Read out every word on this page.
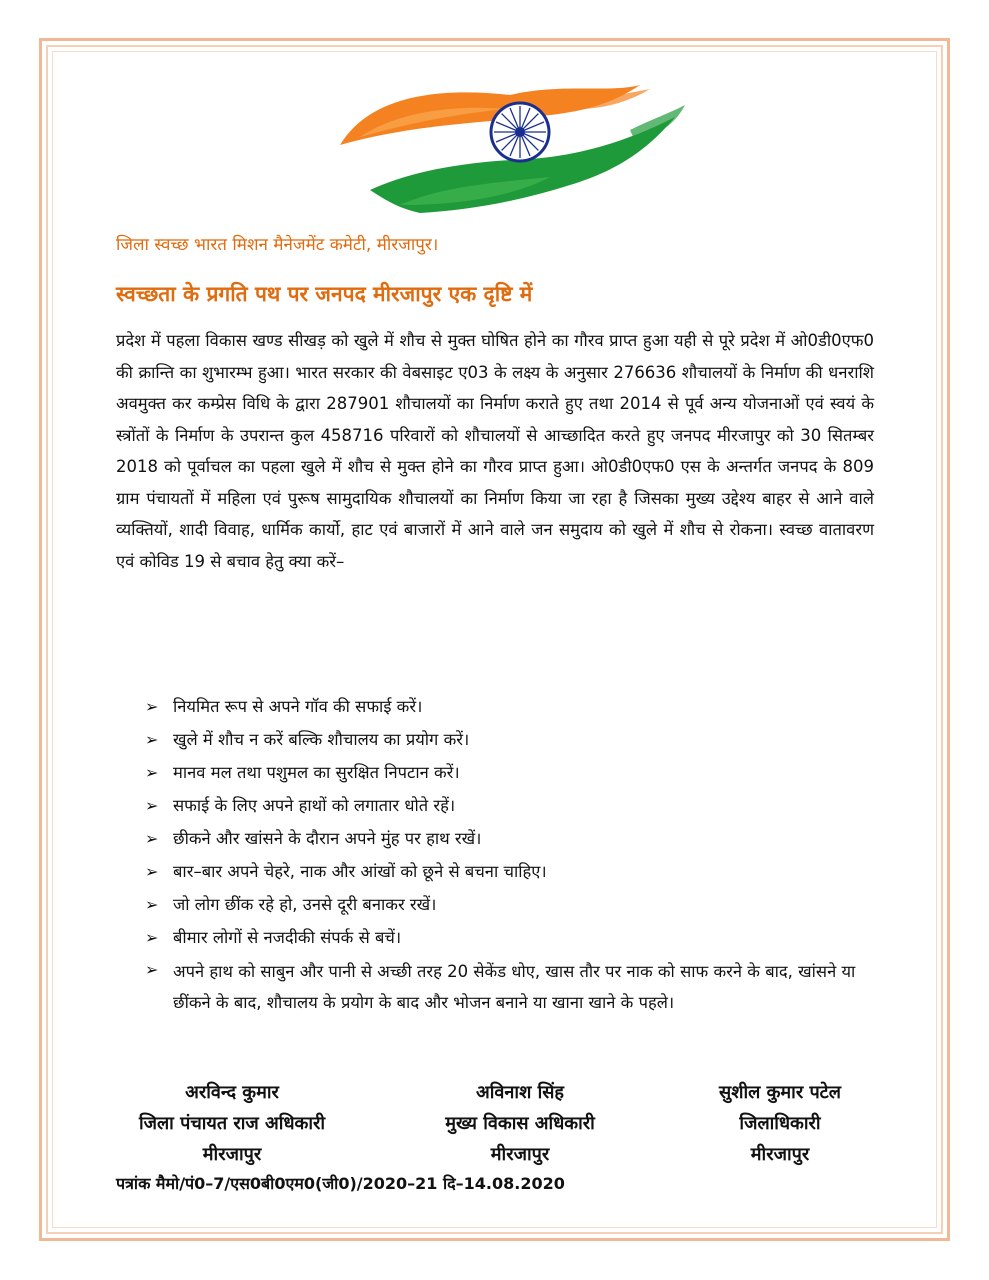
जिला स्वच्छ भारत मिशन मैनेजमेंट कमेटी, मीरजापुर।
स्वच्छता के प्रगति पथ पर जनपद मीरजापुर एक दृष्टि में
प्रदेश में पहला विकास खण्ड सीखड़ को खुले में शौच से मुक्त घोषित होने का गौरव प्राप्त हुआ यही से पूरे प्रदेश में ओ0डी0एफ0 की क्रान्ति का शुभारम्भ हुआ। भारत सरकार की वेबसाइट ए03 के लक्ष्य के अनुसार 276636 शौचालयों के निर्माण की धनराशि अवमुक्त कर कम्प्रेस विधि के द्वारा 287901 शौचालयों का निर्माण कराते हुए तथा 2014 से पूर्व अन्य योजनाओं एवं स्वयं के स्त्रोंतों के निर्माण के उपरान्त कुल 458716 परिवारों को शौचालयों से आच्छादित करते हुए जनपद मीरजापुर को 30 सितम्बर 2018 को पूर्वाचल का पहला खुले में शौच से मुक्त होने का गौरव प्राप्त हुआ। ओ0डी0एफ0 एस के अन्तर्गत जनपद के 809 ग्राम पंचायतों में महिला एवं पुरूष सामुदायिक शौचालयों का निर्माण किया जा रहा है जिसका मुख्य उद्देश्य बाहर से आने वाले व्यक्तियों, शादी विवाह, धार्मिक कार्यो, हाट एवं बाजारों में आने वाले जन समुदाय को खुले में शौच से रोकना। स्वच्छ वातावरण एवं कोविड 19 से बचाव हेतु क्या करें–
➢ नियमित रूप से अपने गॉव की सफाई करें।
➢ खुले में शौच न करें बल्कि शौचालय का प्रयोग करें।
➢ मानव मल तथा पशुमल का सुरक्षित निपटान करें।
➢ सफाई के लिए अपने हाथों को लगातार धोते रहें।
➢ छीकने और खांसने के दौरान अपने मुंह पर हाथ रखें।
➢ बार–बार अपने चेहरे, नाक और आंखों को छूने से बचना चाहिए।
➢ जो लोग छींक रहे हो, उनसे दूरी बनाकर रखें।
➢ बीमार लोगों से नजदीकी संपर्क से बचें।
➢ अपने हाथ को साबुन और पानी से अच्छी तरह 20 सेकेंड धोए, खास तौर पर नाक को साफ करने के बाद, खांसने या छींकने के बाद, शौचालय के प्रयोग के बाद और भोजन बनाने या खाना खाने के पहले।
अरविन्द कुमार
जिला पंचायत राज अधिकारी
मीरजापुर
अविनाश सिंह
मुख्य विकास अधिकारी
मीरजापुर
सुशील कुमार पटेल
जिलाधिकारी
मीरजापुर
पत्रांक मैमो/पं0–7/एस0बी0एम0(जी0)/2020–21 दि–14.08.2020
